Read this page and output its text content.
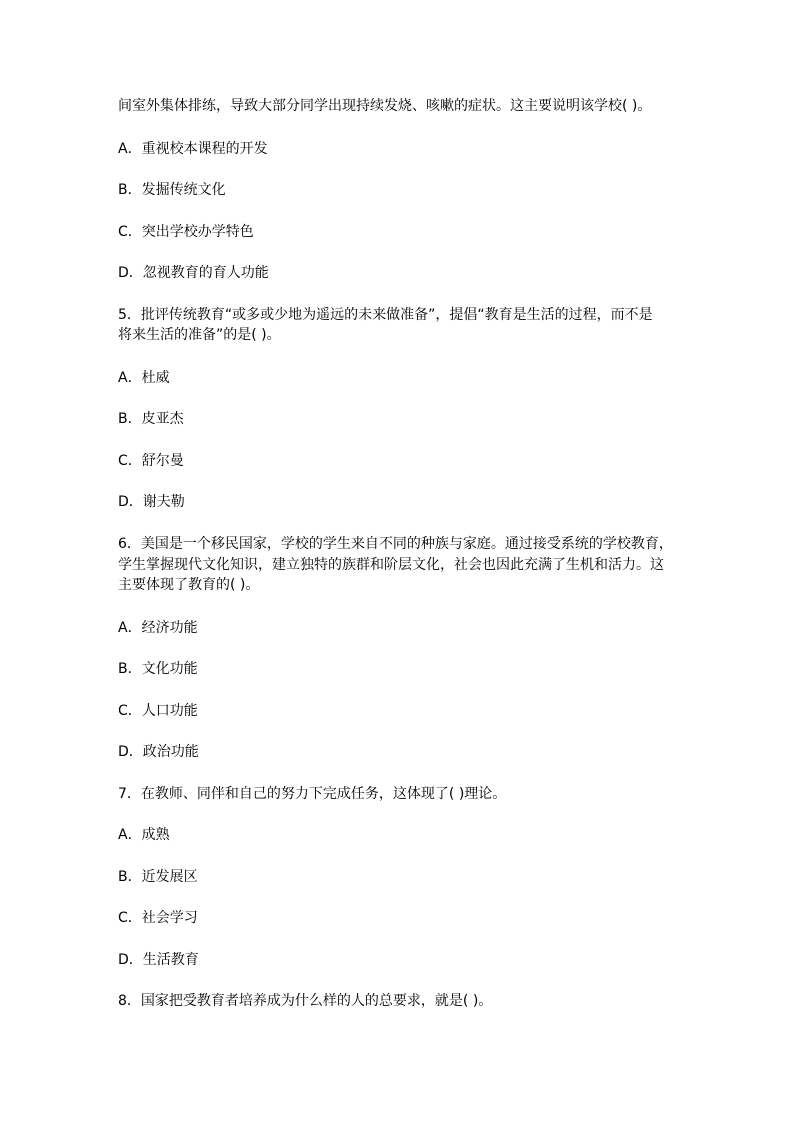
间室外集体排练，导致大部分同学出现持续发烧、咳嗽的症状。这主要说明该学校( )。
A．重视校本课程的开发
B．发掘传统文化
C．突出学校办学特色
D．忽视教育的育人功能
5．批评传统教育“或多或少地为遥远的未来做准备”，提倡“教育是生活的过程，而不是
将来生活的准备”的是( )。
A．杜威
B．皮亚杰
C．舒尔曼
D．谢夫勒
6．美国是一个移民国家，学校的学生来自不同的种族与家庭。通过接受系统的学校教育，
学生掌握现代文化知识，建立独特的族群和阶层文化，社会也因此充满了生机和活力。这
主要体现了教育的( )。
A．经济功能
B．文化功能
C．人口功能
D．政治功能
7．在教师、同伴和自己的努力下完成任务，这体现了( )理论。
A．成熟
B．近发展区
C．社会学习
D．生活教育
8．国家把受教育者培养成为什么样的人的总要求，就是( )。
